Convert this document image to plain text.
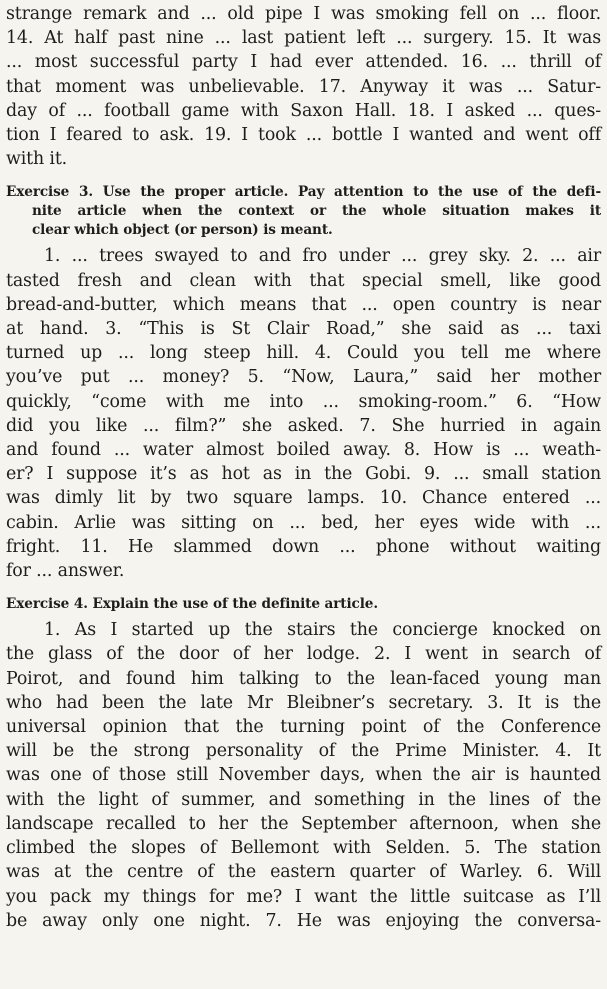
strange remark and ... old pipe I was smoking fell on ... floor.
14. At half past nine ... last patient left ... surgery. 15. It was
... most successful party I had ever attended. 16. ... thrill of
that moment was unbelievable. 17. Anyway it was ... Satur-
day of ... football game with Saxon Hall. 18. I asked ... ques-
tion I feared to ask. 19. I took ... bottle I wanted and went off
with it.
Exercise 3. Use the proper article. Pay attention to the use of the defi-
nite article when the context or the whole situation makes it
clear which object (or person) is meant.
1. ... trees swayed to and fro under ... grey sky. 2. ... air
tasted fresh and clean with that special smell, like good
bread-and-butter, which means that ... open country is near
at hand. 3. “This is St Clair Road,” she said as ... taxi
turned up ... long steep hill. 4. Could you tell me where
you’ve put ... money? 5. “Now, Laura,” said her mother
quickly, “come with me into ... smoking-room.” 6. “How
did you like ... film?” she asked. 7. She hurried in again
and found ... water almost boiled away. 8. How is ... weath-
er? I suppose it’s as hot as in the Gobi. 9. ... small station
was dimly lit by two square lamps. 10. Chance entered ...
cabin. Arlie was sitting on ... bed, her eyes wide with ...
fright. 11. He slammed down ... phone without waiting
for ... answer.
Exercise 4. Explain the use of the definite article.
1. As I started up the stairs the concierge knocked on
the glass of the door of her lodge. 2. I went in search of
Poirot, and found him talking to the lean-faced young man
who had been the late Mr Bleibner’s secretary. 3. It is the
universal opinion that the turning point of the Conference
will be the strong personality of the Prime Minister. 4. It
was one of those still November days, when the air is haunted
with the light of summer, and something in the lines of the
landscape recalled to her the September afternoon, when she
climbed the slopes of Bellemont with Selden. 5. The station
was at the centre of the eastern quarter of Warley. 6. Will
you pack my things for me? I want the little suitcase as I’ll
be away only one night. 7. He was enjoying the conversa-
